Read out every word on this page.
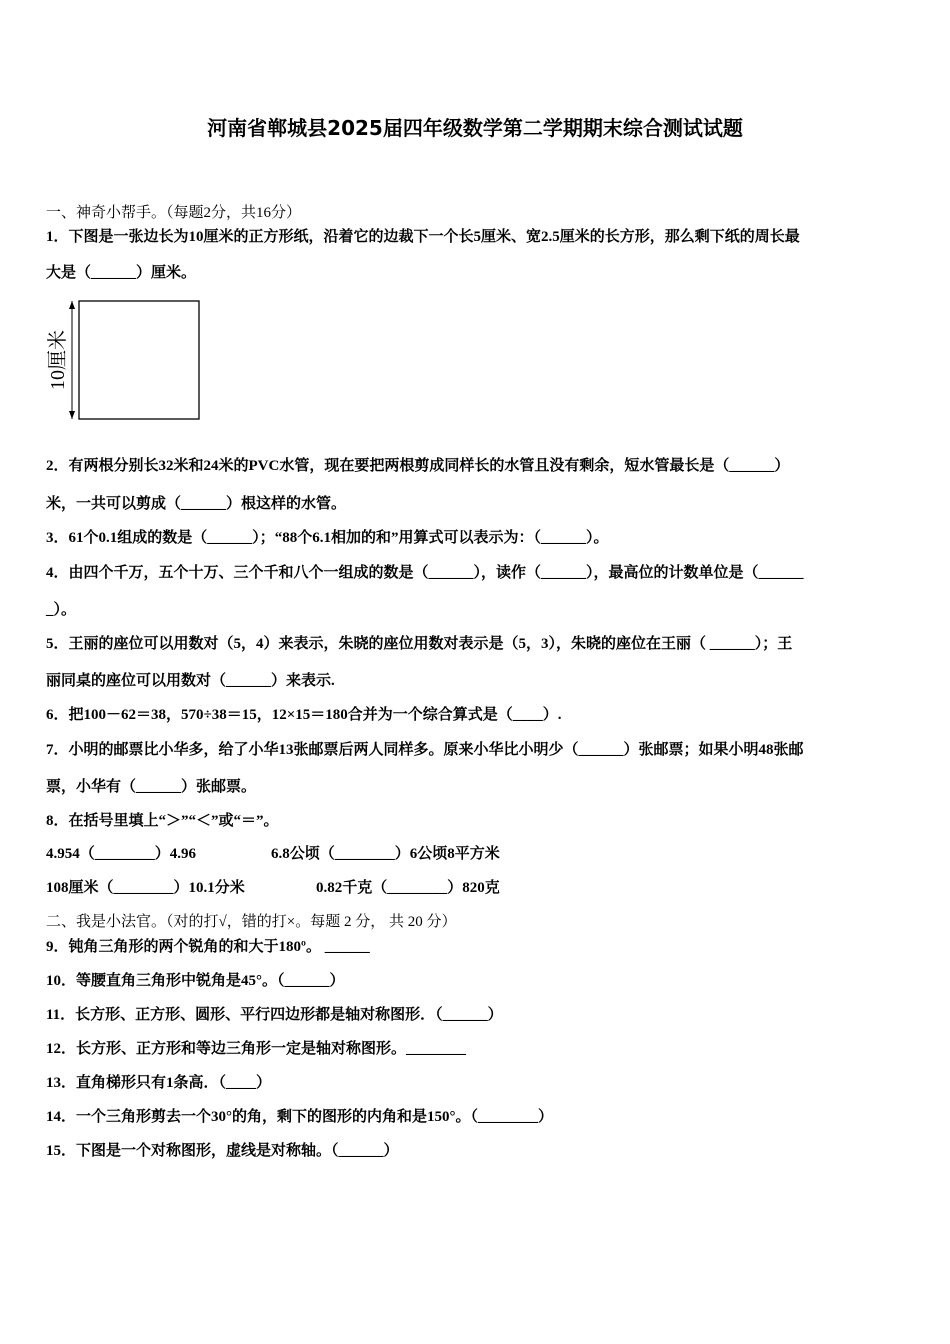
河南省郸城县2025届四年级数学第二学期期末综合测试试题
一、神奇小帮手。（每题2分，共16分）
1．下图是一张边长为10厘米的正方形纸，沿着它的边裁下一个长5厘米、宽2.5厘米的长方形，那么剩下纸的周长最
大是（______）厘米。
10厘米
2．有两根分别长32米和24米的PVC水管，现在要把两根剪成同样长的水管且没有剩余，短水管最长是（______）
米，一共可以剪成（______）根这样的水管。
3．61个0.1组成的数是（______）；“88个6.1相加的和”用算式可以表示为：（______）。
4．由四个千万，五个十万、三个千和八个一组成的数是（______），读作（______），最高位的计数单位是（______
_）。
5．王丽的座位可以用数对（5，4）来表示，朱晓的座位用数对表示是（5，3），朱晓的座位在王丽（ ______）；王
丽同桌的座位可以用数对（______）来表示.
6．把100－62＝38，570÷38＝15，12×15＝180合并为一个综合算式是（____）.
7．小明的邮票比小华多，给了小华13张邮票后两人同样多。原来小华比小明少（______）张邮票；如果小明48张邮
票，小华有（______）张邮票。
8．在括号里填上“＞”“＜”或“＝”。
4.954（________）4.96	6.8公顷（________）6公顷8平方米
108厘米（________）10.1分米	0.82千克（________）820克
二、我是小法官。（对的打√，错的打×。每题 2 分， 共 20 分）
9．钝角三角形的两个锐角的和大于180º。 ______
10．等腰直角三角形中锐角是45°。（______）
11．长方形、正方形、圆形、平行四边形都是轴对称图形．（______）
12．长方形、正方形和等边三角形一定是轴对称图形。________
13．直角梯形只有1条高．（____）
14．一个三角形剪去一个30°的角，剩下的图形的内角和是150°。（________）
15．下图是一个对称图形，虚线是对称轴。（______）
